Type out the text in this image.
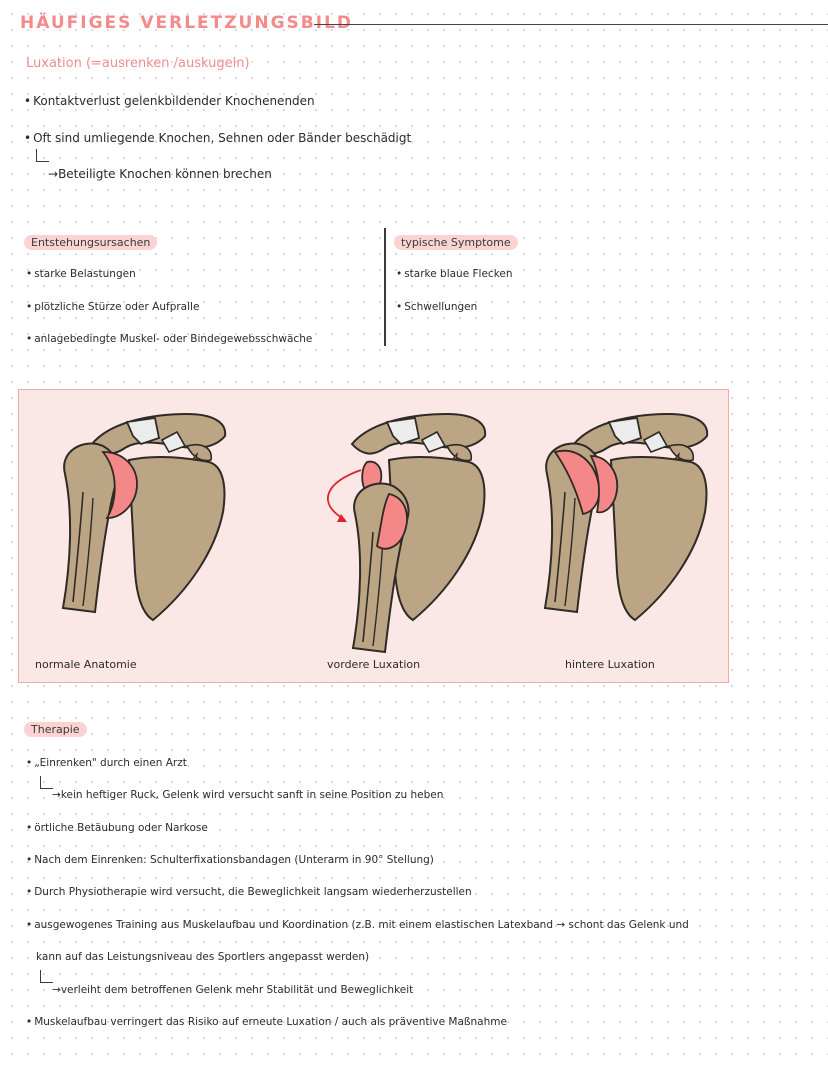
HÄUFIGES VERLETZUNGSBILD
Luxation (=ausrenken /auskugeln)
• Kontaktverlust gelenkbildender Knochenenden
• Oft sind umliegende Knochen, Sehnen oder Bänder beschädigt
→Beteiligte Knochen können brechen
Entstehungsursachen
• starke Belastungen
• plötzliche Stürze oder Aufpralle
• anlagebedingte Muskel- oder Bindegewebsschwäche
typische Symptome
• starke blaue Flecken
• Schwellungen
normale Anatomie	vordere Luxation	hintere Luxation
Therapie
• „Einrenken" durch einen Arzt
→kein heftiger Ruck, Gelenk wird versucht sanft in seine Position zu heben
• örtliche Betäubung oder Narkose
• Nach dem Einrenken: Schulterfixationsbandagen (Unterarm in 90° Stellung)
• Durch Physiotherapie wird versucht, die Beweglichkeit langsam wiederherzustellen
• ausgewogenes Training aus Muskelaufbau und Koordination (z.B. mit einem elastischen Latexband → schont das Gelenk und
kann auf das Leistungsniveau des Sportlers angepasst werden)
→verleiht dem betroffenen Gelenk mehr Stabilität und Beweglichkeit
• Muskelaufbau verringert das Risiko auf erneute Luxation / auch als präventive Maßnahme
